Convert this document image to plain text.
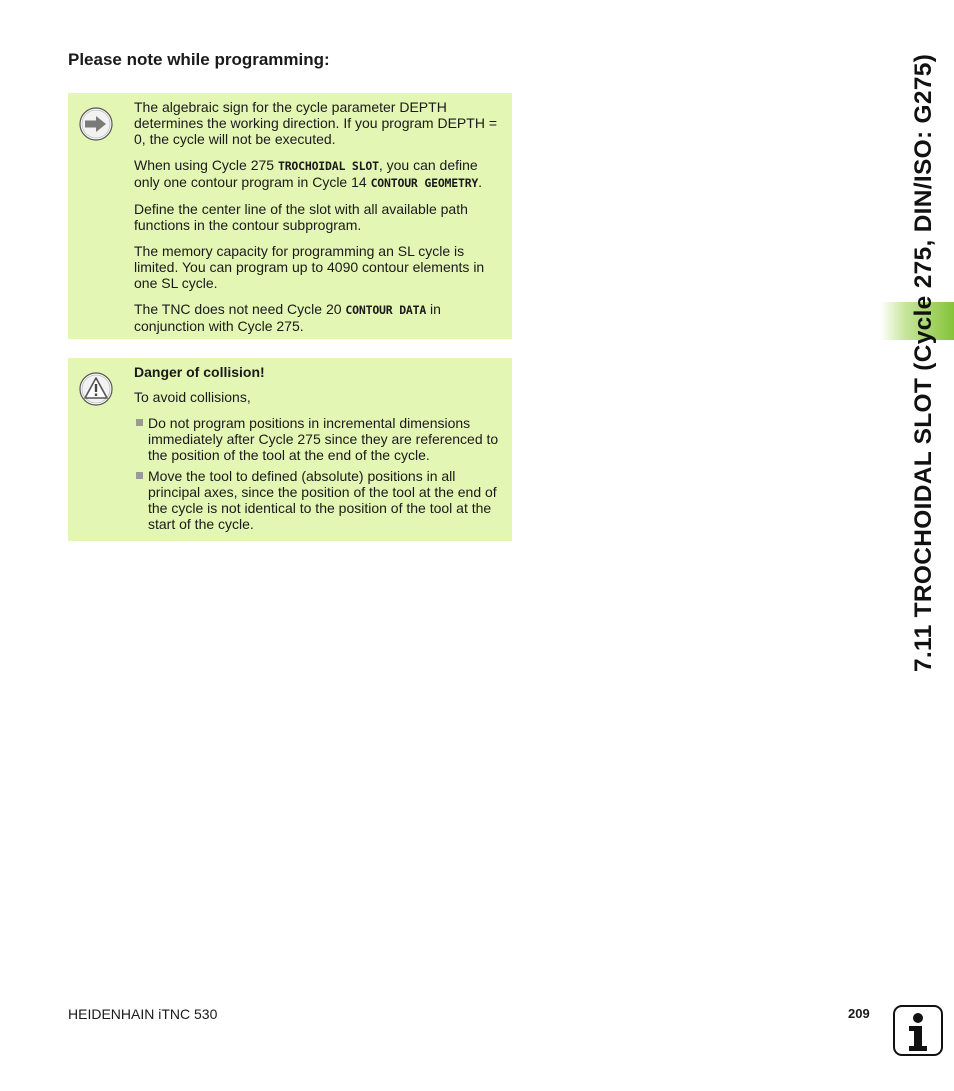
Please note while programming:

The algebraic sign for the cycle parameter DEPTH determines the working direction. If you program DEPTH = 0, the cycle will not be executed.

When using Cycle 275 TROCHOIDAL SLOT, you can define only one contour program in Cycle 14 CONTOUR GEOMETRY.

Define the center line of the slot with all available path functions in the contour subprogram.

The memory capacity for programming an SL cycle is limited. You can program up to 4090 contour elements in one SL cycle.

The TNC does not need Cycle 20 CONTOUR DATA in conjunction with Cycle 275.

Danger of collision!

To avoid collisions,

Do not program positions in incremental dimensions immediately after Cycle 275 since they are referenced to the position of the tool at the end of the cycle.
Move the tool to defined (absolute) positions in all principal axes, since the position of the tool at the end of the cycle is not identical to the position of the tool at the start of the cycle.	7.11 TROCHOIDAL SLOT (Cycle 275, DIN/ISO: G275)
HEIDENHAIN iTNC 530	209
